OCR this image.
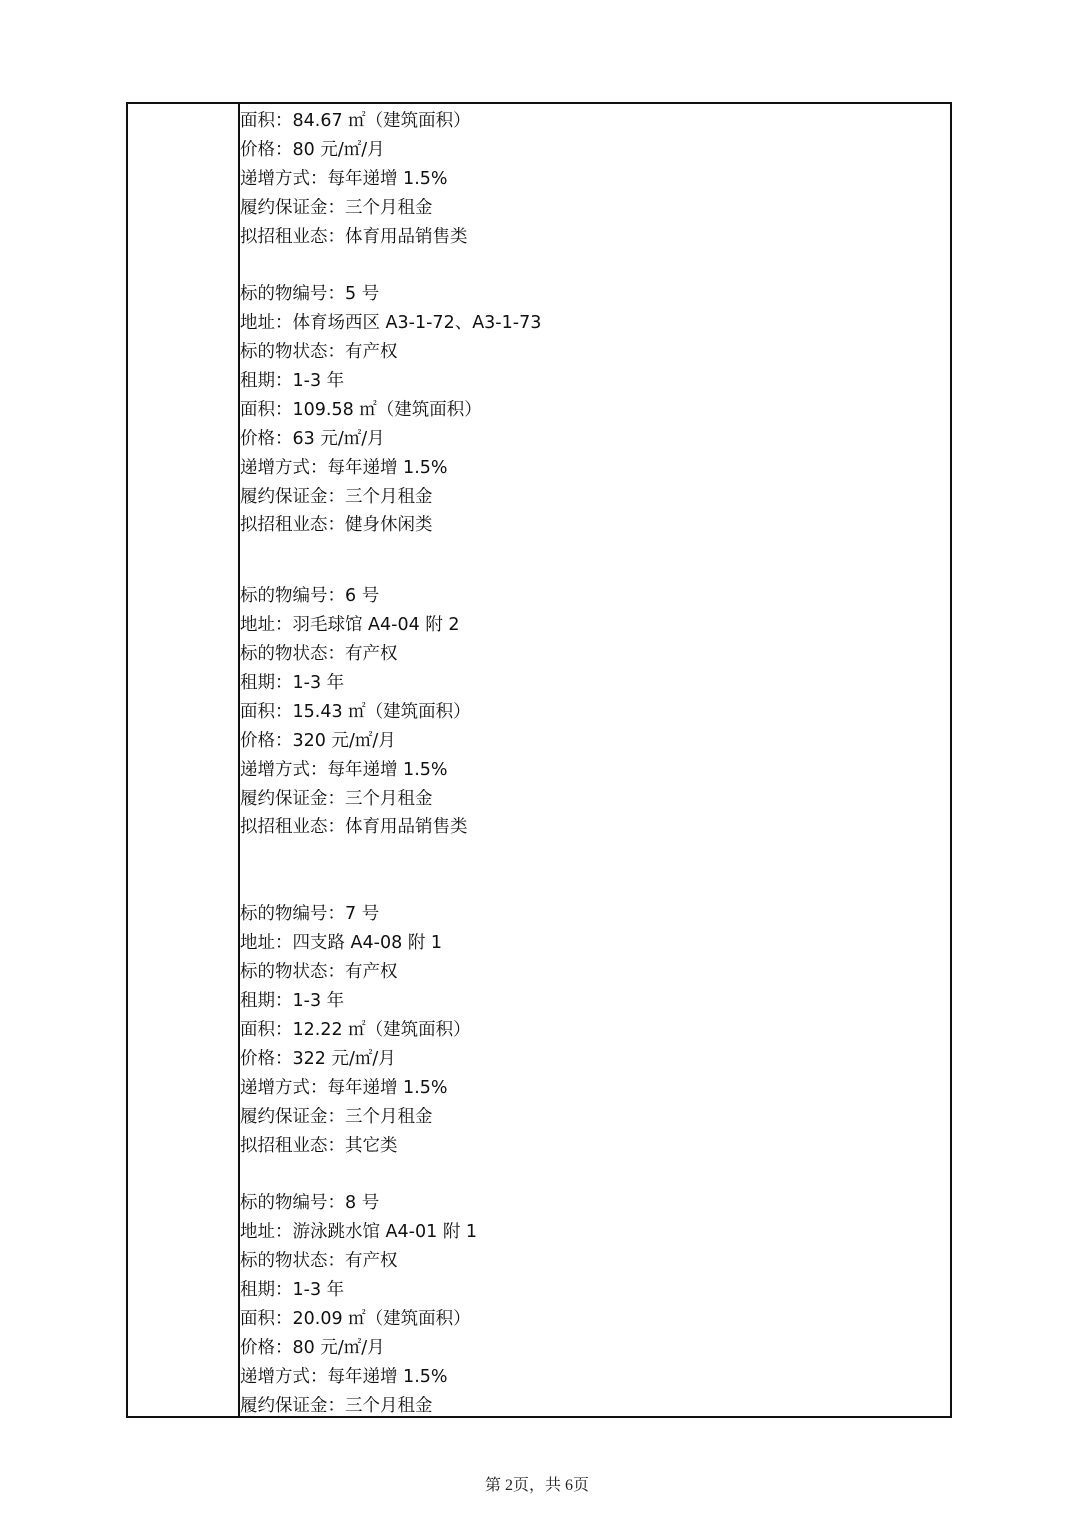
面积：84.67 ㎡（建筑面积）
价格：80 元/㎡/月
递增方式：每年递增 1.5%
履约保证金：三个月租金
拟招租业态：体育用品销售类
标的物编号：5 号
地址：体育场西区 A3-1-72、A3-1-73
标的物状态：有产权
租期：1-3 年
面积：109.58 ㎡（建筑面积）
价格：63 元/㎡/月
递增方式：每年递增 1.5%
履约保证金：三个月租金
拟招租业态：健身休闲类
标的物编号：6 号
地址：羽毛球馆 A4-04 附 2
标的物状态：有产权
租期：1-3 年
面积：15.43 ㎡（建筑面积）
价格：320 元/㎡/月
递增方式：每年递增 1.5%
履约保证金：三个月租金
拟招租业态：体育用品销售类
标的物编号：7 号
地址：四支路 A4-08 附 1
标的物状态：有产权
租期：1-3 年
面积：12.22 ㎡（建筑面积）
价格：322 元/㎡/月
递增方式：每年递增 1.5%
履约保证金：三个月租金
拟招租业态：其它类
标的物编号：8 号
地址：游泳跳水馆 A4-01 附 1
标的物状态：有产权
租期：1-3 年
面积：20.09 ㎡（建筑面积）
价格：80 元/㎡/月
递增方式：每年递增 1.5%
履约保证金：三个月租金
第 2页，共 6页
